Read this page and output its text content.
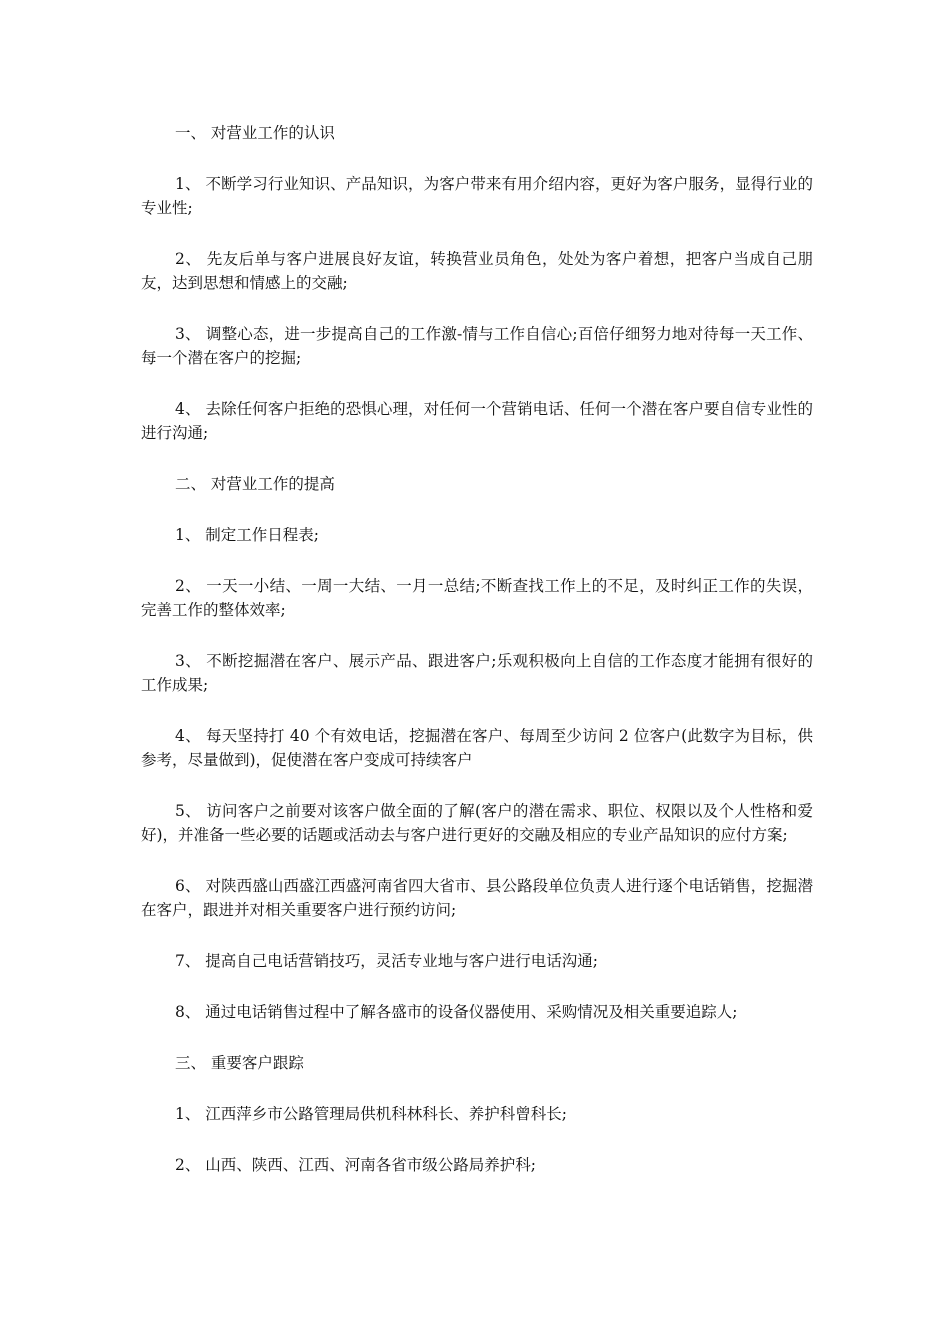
一、 对营业工作的认识

1、 不断学习行业知识、产品知识，为客户带来有用介绍内容，更好为客户服务，显得行业的专业性;

2、 先友后单与客户进展良好友谊，转换营业员角色，处处为客户着想，把客户当成自己朋友，达到思想和情感上的交融;

3、 调整心态，进一步提高自己的工作激-情与工作自信心;百倍仔细努力地对待每一天工作、每一个潜在客户的挖掘;

4、 去除任何客户拒绝的恐惧心理，对任何一个营销电话、任何一个潜在客户要自信专业性的进行沟通;

二、 对营业工作的提高

1、 制定工作日程表;

2、 一天一小结、一周一大结、一月一总结;不断查找工作上的不足，及时纠正工作的失误，完善工作的整体效率;

3、 不断挖掘潜在客户、展示产品、跟进客户;乐观积极向上自信的工作态度才能拥有很好的工作成果;

4、 每天坚持打 40 个有效电话，挖掘潜在客户、每周至少访问 2 位客户(此数字为目标，供参考，尽量做到)，促使潜在客户变成可持续客户

5、 访问客户之前要对该客户做全面的了解(客户的潜在需求、职位、权限以及个人性格和爱好)，并准备一些必要的话题或活动去与客户进行更好的交融及相应的专业产品知识的应付方案;

6、 对陕西盛山西盛江西盛河南省四大省市、县公路段单位负责人进行逐个电话销售，挖掘潜在客户，跟进并对相关重要客户进行预约访问;

7、 提高自己电话营销技巧，灵活专业地与客户进行电话沟通;

8、 通过电话销售过程中了解各盛市的设备仪器使用、采购情况及相关重要追踪人;

三、 重要客户跟踪

1、 江西萍乡市公路管理局供机科林科长、养护科曾科长;

2、 山西、陕西、江西、河南各省市级公路局养护科;
